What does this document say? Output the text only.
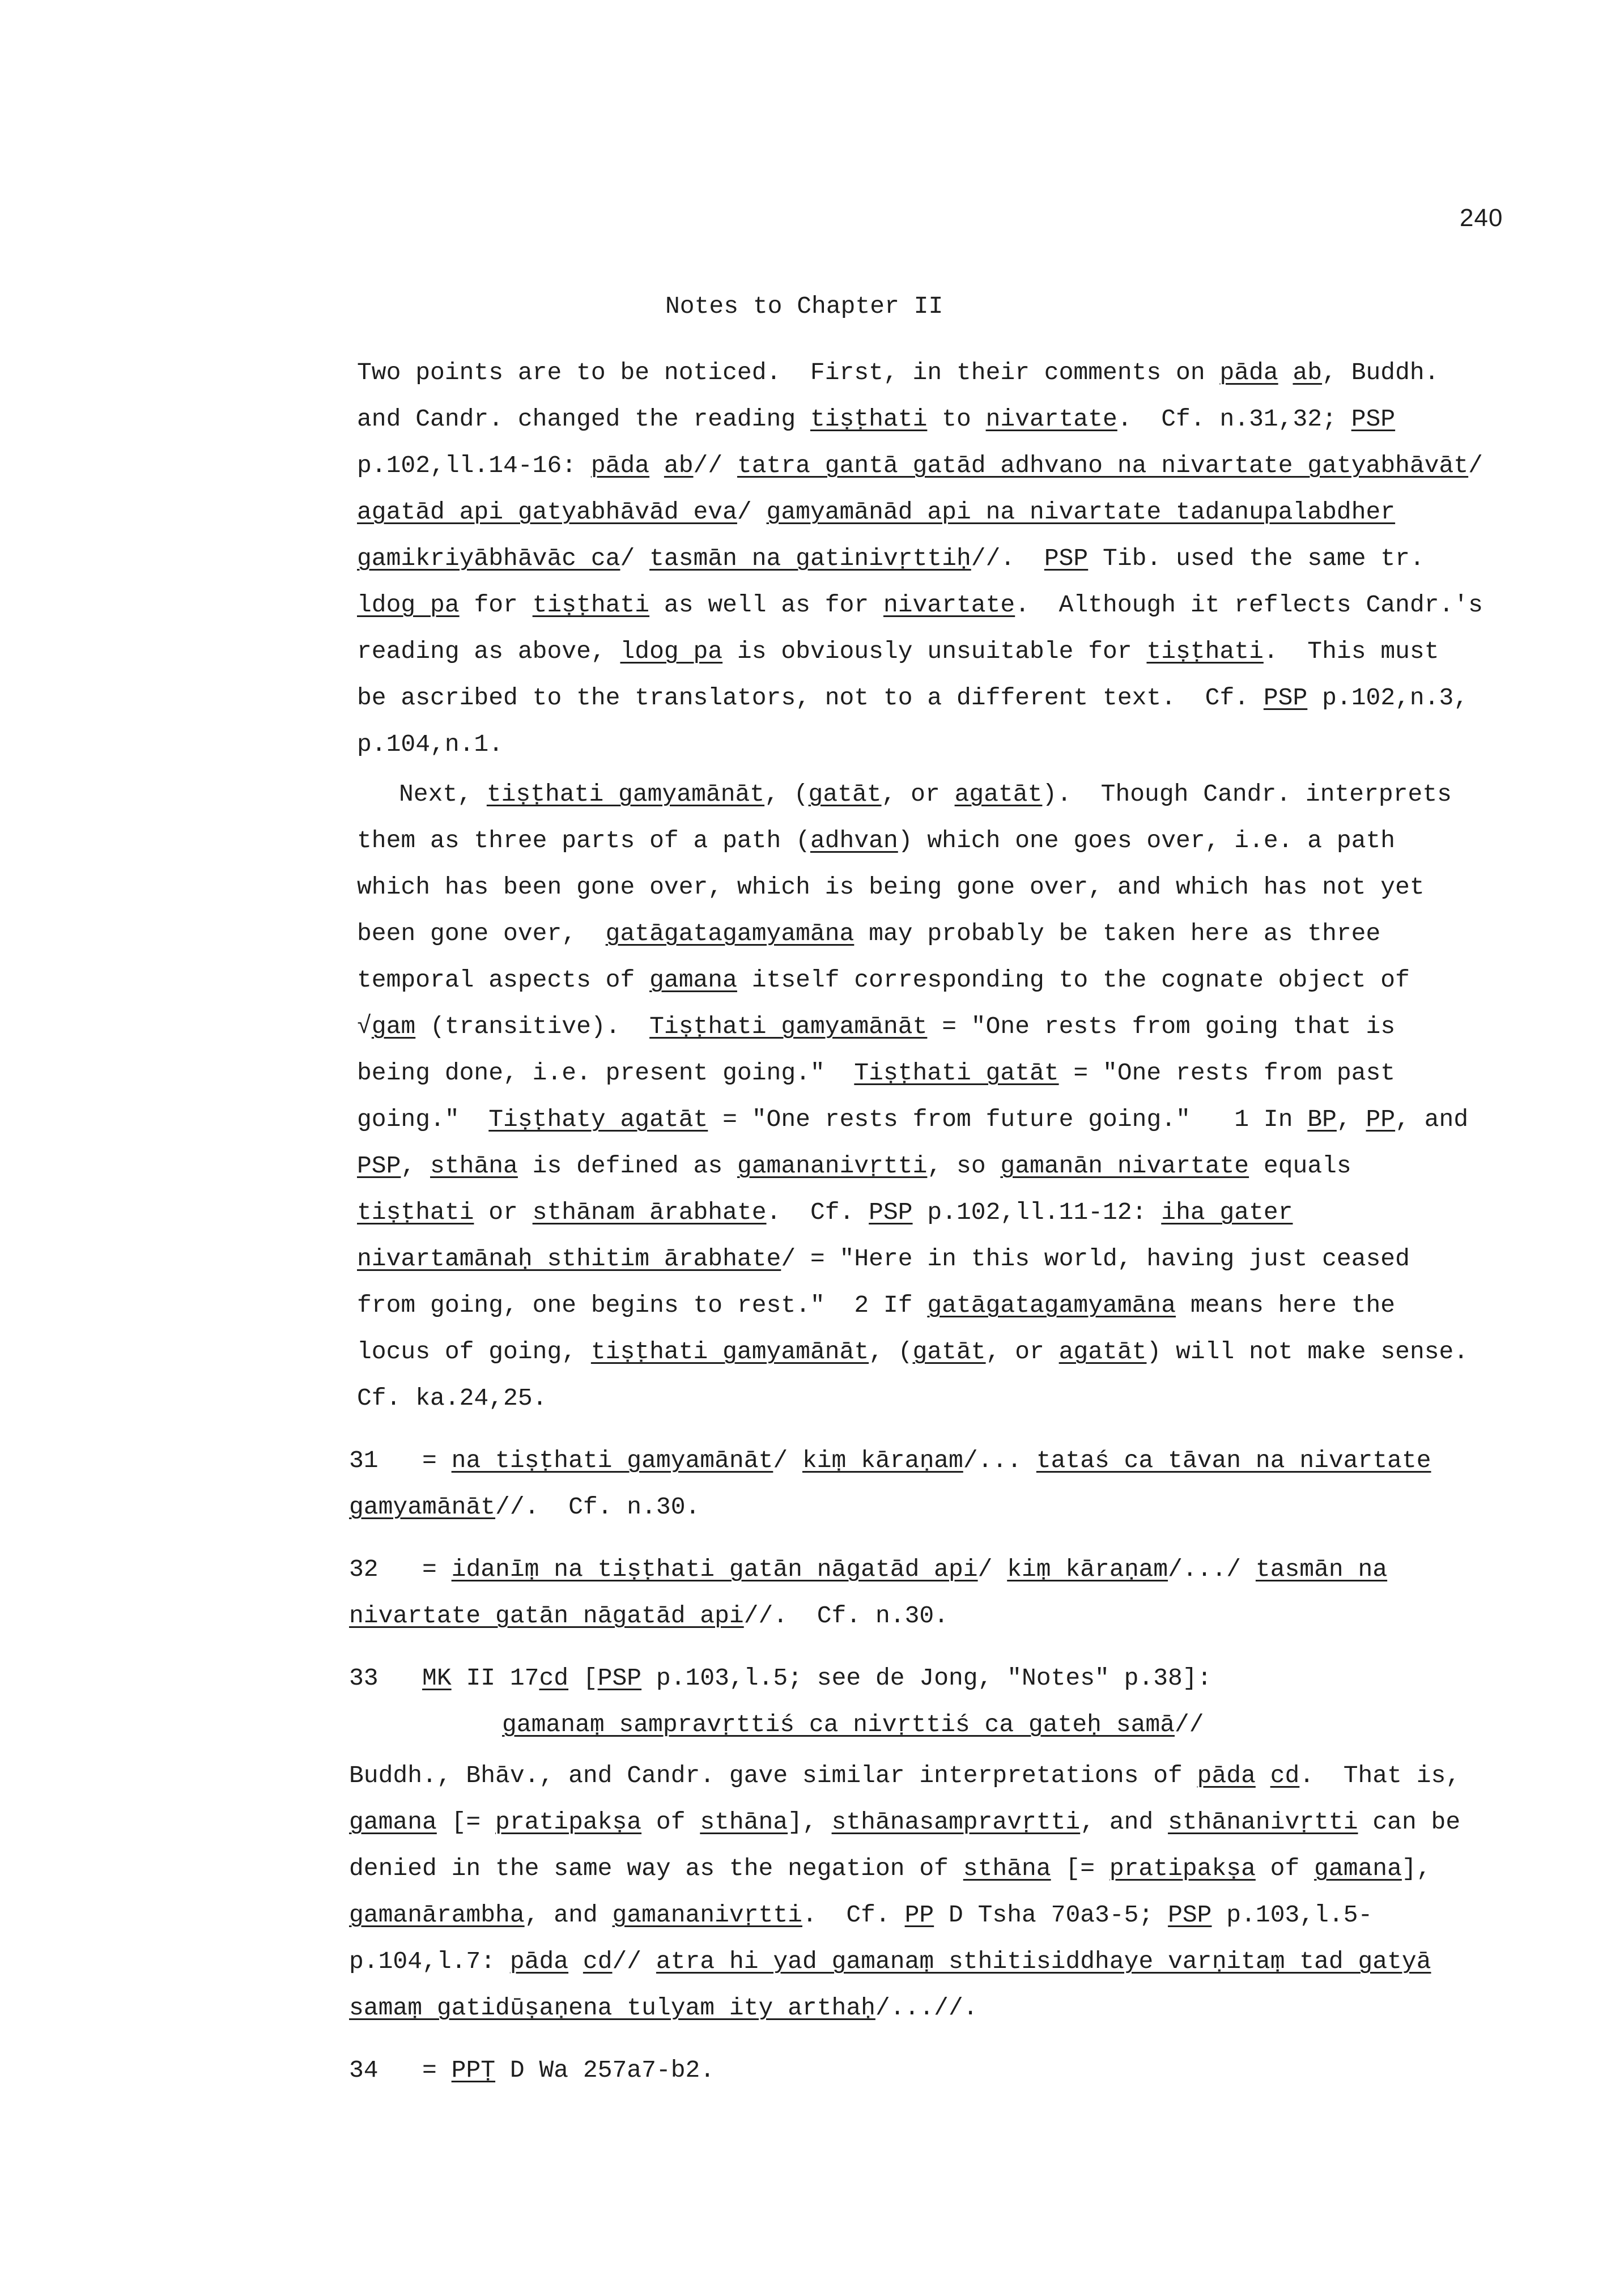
240
Notes to Chapter II
Two points are to be noticed.  First, in their comments on pāda ab, Buddh.
and Candr. changed the reading tiṣṭhati to nivartate.  Cf. n.31,32; PSP
p.102,ll.14-16: pāda ab// tatra gantā gatād adhvano na nivartate gatyabhāvāt/
agatād api gatyabhāvād eva/ gamyamānād api na nivartate tadanupalabdher
gamikriyābhāvāc ca/ tasmān na gatinivṛttiḥ//.  PSP Tib. used the same tr.
ldog pa for tiṣṭhati as well as for nivartate.  Although it reflects Candr.'s
reading as above, ldog pa is obviously unsuitable for tiṣṭhati.  This must
be ascribed to the translators, not to a different text.  Cf. PSP p.102,n.3,
p.104,n.1.
Next, tiṣṭhati gamyamānāt, (gatāt, or agatāt).  Though Candr. interprets
them as three parts of a path (adhvan) which one goes over, i.e. a path
which has been gone over, which is being gone over, and which has not yet
been gone over,  gatāgatagamyamāna may probably be taken here as three
temporal aspects of gamana itself corresponding to the cognate object of
√gam (transitive).  Tiṣṭhati gamyamānāt = "One rests from going that is
being done, i.e. present going."  Tiṣṭhati gatāt = "One rests from past
going."  Tiṣṭhaty agatāt = "One rests from future going."   1 In BP, PP, and
PSP, sthāna is defined as gamananivṛtti, so gamanān nivartate equals
tiṣṭhati or sthānam ārabhate.  Cf. PSP p.102,ll.11-12: iha gater
nivartamānaḥ sthitim ārabhate/ = "Here in this world, having just ceased
from going, one begins to rest."  2 If gatāgatagamyamāna means here the
locus of going, tiṣṭhati gamyamānāt, (gatāt, or agatāt) will not make sense.
Cf. ka.24,25.
31   = na tiṣṭhati gamyamānāt/ kiṃ kāraṇam/... tataś ca tāvan na nivartate
gamyamānāt//.  Cf. n.30.
32   = idanīṃ na tiṣṭhati gatān nāgatād api/ kiṃ kāraṇam/.../ tasmān na
nivartate gatān nāgatād api//.  Cf. n.30.
33   MK II 17cd [PSP p.103,l.5; see de Jong, "Notes" p.38]:
gamanaṃ sampravṛttiś ca nivṛttiś ca gateḥ samā//
Buddh., Bhāv., and Candr. gave similar interpretations of pāda cd.  That is,
gamana [= pratipakṣa of sthāna], sthānasampravṛtti, and sthānanivṛtti can be
denied in the same way as the negation of sthāna [= pratipakṣa of gamana],
gamanārambha, and gamananivṛtti.  Cf. PP D Tsha 70a3-5; PSP p.103,l.5-
p.104,l.7: pāda cd// atra hi yad gamanaṃ sthitisiddhaye varṇitaṃ tad gatyā
samaṃ gatidūṣaṇena tulyam ity arthaḥ/...//.
34   = PPṬ D Wa 257a7-b2.
